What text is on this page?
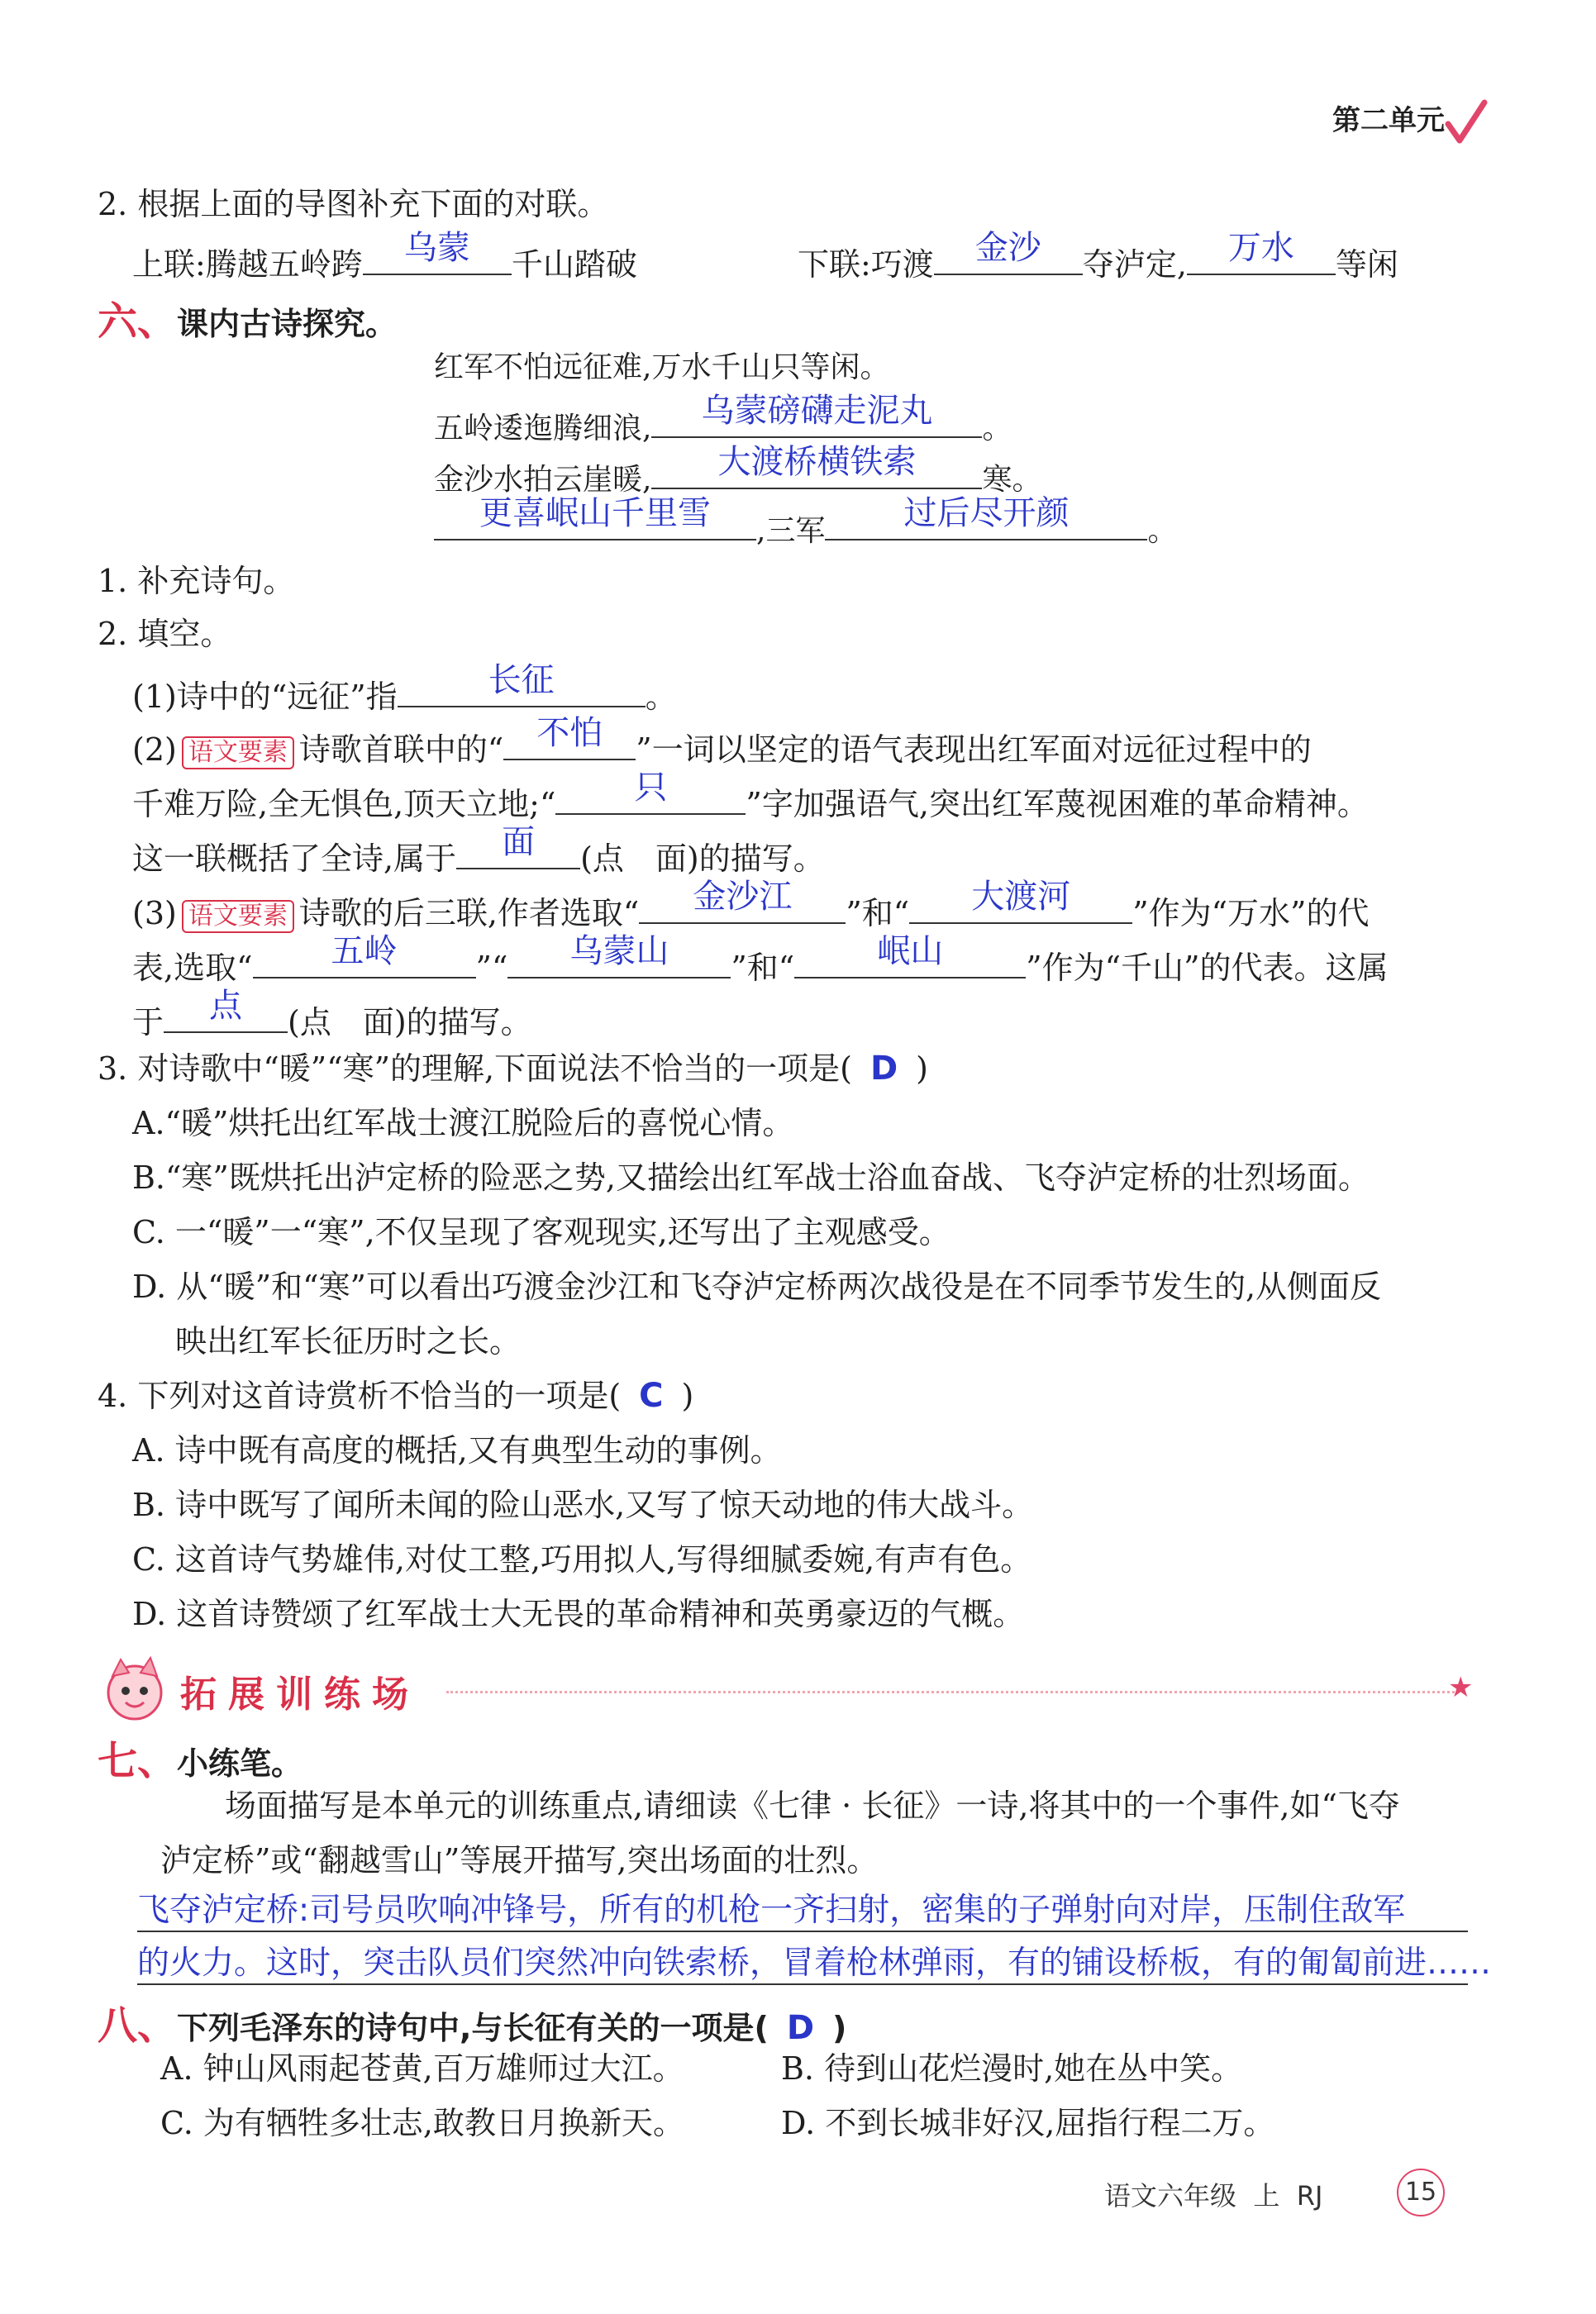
第二单元
2. 根据上面的导图补充下面的对联。
上联:腾越五岭跨	乌蒙	千山踏破	下联:巧渡	金沙	夺泸定,	万水	等闲
六、课内古诗探究。
红军不怕远征难,万水千山只等闲。
五岭逶迤腾细浪,	乌蒙磅礴走泥丸	。
金沙水拍云崖暖,	大渡桥横铁索	寒。
更喜岷山千里雪	,三军	过后尽开颜	。
1. 补充诗句。
2. 填空。
(1)诗中的“远征”指	长征	。
(2) 语文要素 诗歌首联中的“	不怕	”一词以坚定的语气表现出红军面对远征过程中的
千难万险,全无惧色,顶天立地;“	只	”字加强语气,突出红军蔑视困难的革命精神。
这一联概括了全诗,属于	面	(点　面)的描写。
(3) 语文要素 诗歌的后三联,作者选取“	金沙江	”和“	大渡河	”作为“万水”的代
表,选取“	五岭	”“	乌蒙山	”和“	岷山	”作为“千山”的代表。这属
于	点	(点　面)的描写。
3. 对诗歌中“暖”“寒”的理解,下面说法不恰当的一项是( D )
A.“暖”烘托出红军战士渡江脱险后的喜悦心情。
B.“寒”既烘托出泸定桥的险恶之势,又描绘出红军战士浴血奋战、飞夺泸定桥的壮烈场面。
C. 一“暖”一“寒”,不仅呈现了客观现实,还写出了主观感受。
D. 从“暖”和“寒”可以看出巧渡金沙江和飞夺泸定桥两次战役是在不同季节发生的,从侧面反
映出红军长征历时之长。
4. 下列对这首诗赏析不恰当的一项是( C )
A. 诗中既有高度的概括,又有典型生动的事例。
B. 诗中既写了闻所未闻的险山恶水,又写了惊天动地的伟大战斗。
C. 这首诗气势雄伟,对仗工整,巧用拟人,写得细腻委婉,有声有色。
D. 这首诗赞颂了红军战士大无畏的革命精神和英勇豪迈的气概。
拓展训练场	★
七、小练笔。
场面描写是本单元的训练重点,请细读《七律 · 长征》一诗,将其中的一个事件,如“飞夺
泸定桥”或“翻越雪山”等展开描写,突出场面的壮烈。
飞夺泸定桥:司号员吹响冲锋号，所有的机枪一齐扫射，密集的子弹射向对岸，压制住敌军
的火力。这时，突击队员们突然冲向铁索桥，冒着枪林弹雨，有的铺设桥板，有的匍匐前进……
八、下列毛泽东的诗句中,与长征有关的一项是( D )
A. 钟山风雨起苍黄,百万雄师过大江。	B. 待到山花烂漫时,她在丛中笑。
C. 为有牺牲多壮志,敢教日月换新天。	D. 不到长城非好汉,屈指行程二万。
语文六年级 上 RJ	15
